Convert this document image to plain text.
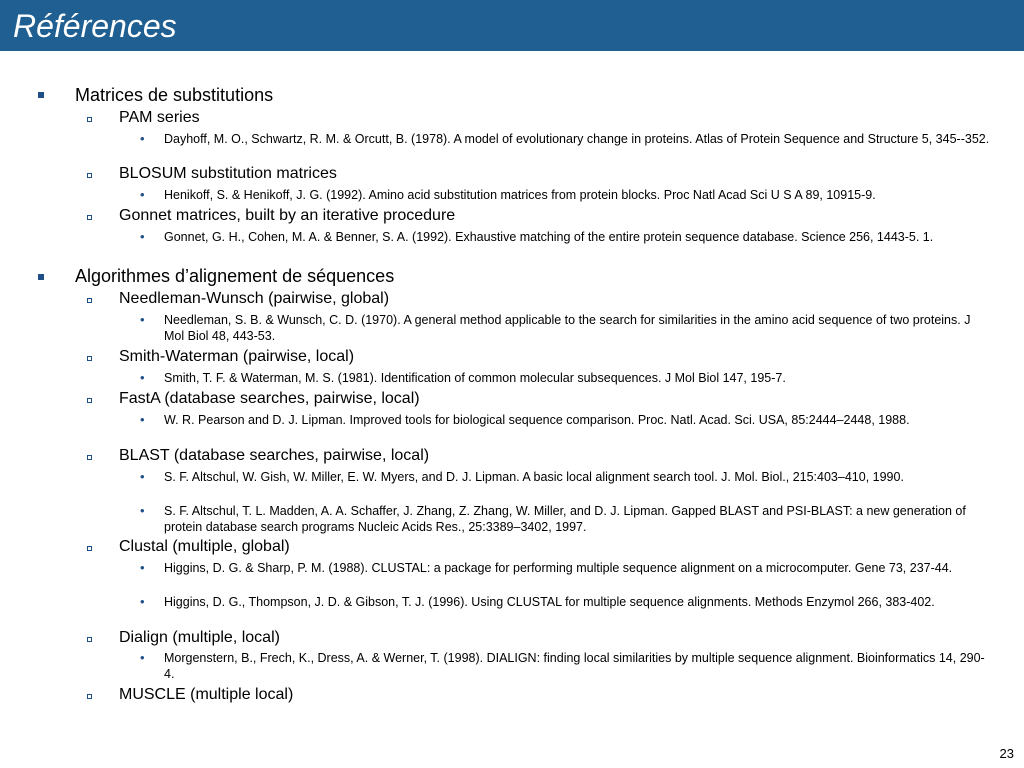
Références

Matrices de substitutions

PAM series

• Dayhoff, M. O., Schwartz, R. M. & Orcutt, B. (1978). A model of evolutionary change in proteins. Atlas of Protein Sequence and Structure 5, 345--352.

BLOSUM substitution matrices

• Henikoff, S. & Henikoff, J. G. (1992). Amino acid substitution matrices from protein blocks. Proc Natl Acad Sci U S A 89, 10915-9.

Gonnet matrices, built by an iterative procedure

• Gonnet, G. H., Cohen, M. A. & Benner, S. A. (1992). Exhaustive matching of the entire protein sequence database. Science 256, 1443-5. 1.

Algorithmes d’alignement de séquences

Needleman-Wunsch (pairwise, global)

• Needleman, S. B. & Wunsch, C. D. (1970). A general method applicable to the search for similarities in the amino acid sequence of two proteins. J Mol Biol 48, 443-53.

Smith-Waterman (pairwise, local)

• Smith, T. F. & Waterman, M. S. (1981). Identification of common molecular subsequences. J Mol Biol 147, 195-7.

FastA (database searches, pairwise, local)

• W. R. Pearson and D. J. Lipman. Improved tools for biological sequence comparison. Proc. Natl. Acad. Sci. USA, 85:2444–2448, 1988.

BLAST (database searches, pairwise, local)

• S. F. Altschul, W. Gish, W. Miller, E. W. Myers, and D. J. Lipman. A basic local alignment search tool. J. Mol. Biol., 215:403–410, 1990.

• S. F. Altschul, T. L. Madden, A. A. Schaffer, J. Zhang, Z. Zhang, W. Miller, and D. J. Lipman. Gapped BLAST and PSI-BLAST: a new generation of protein database search programs Nucleic Acids Res., 25:3389–3402, 1997.

Clustal (multiple, global)

• Higgins, D. G. & Sharp, P. M. (1988). CLUSTAL: a package for performing multiple sequence alignment on a microcomputer. Gene 73, 237-44.

• Higgins, D. G., Thompson, J. D. & Gibson, T. J. (1996). Using CLUSTAL for multiple sequence alignments. Methods Enzymol 266, 383-402.

Dialign (multiple, local)

• Morgenstern, B., Frech, K., Dress, A. & Werner, T. (1998). DIALIGN: finding local similarities by multiple sequence alignment. Bioinformatics 14, 290-4.

MUSCLE (multiple local)

23
